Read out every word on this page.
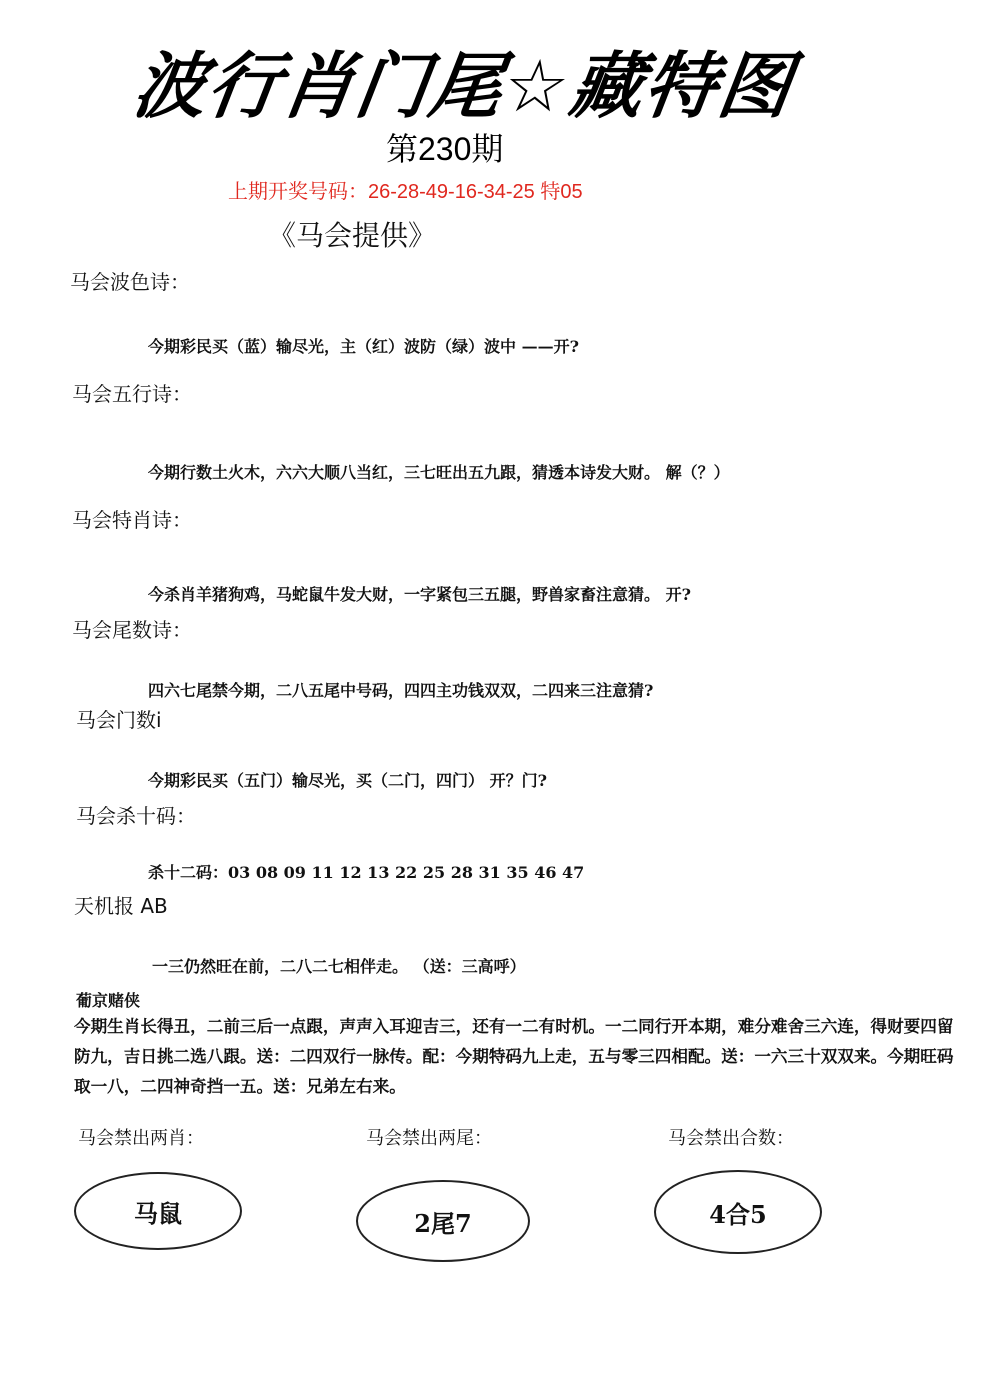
波行肖门尾☆藏特图
第230期
上期开奖号码：26-28-49-16-34-25 特05
《马会提供》
马会波色诗：
今期彩民买（蓝）输尽光，主（红）波防（绿）波中 ——开?
马会五行诗：
今期行数土火木，六六大顺八当红，三七旺出五九跟，猜透本诗发大财。 解（？）
马会特肖诗：
今杀肖羊猪狗鸡，马蛇鼠牛发大财，一字紧包三五腿，野兽家畜注意猜。 开?
马会尾数诗：
四六七尾禁今期，二八五尾中号码，四四主功钱双双，二四来三注意猜?
马会门数i
今期彩民买（五门）输尽光，买（二门，四门） 开？门?
马会杀十码：
杀十二码：03 08 09 11 12 13 22 25 28 31 35 46 47
天机报 AB
一三仍然旺在前，二八二七相伴走。 （送：三高呼）
葡京赌侠
今期生肖长得丑，二前三后一点跟，声声入耳迎吉三，还有一二有时机。一二同行开本期，难分难舍三六连，得财要四留防九，吉日挑二选八跟。送：二四双行一脉传。配：今期特码九上走，五与零三四相配。送：一六三十双双来。今期旺码取一八，二四神奇挡一五。送：兄弟左右来。
马会禁出两肖：	马会禁出两尾：	马会禁出合数：
马鼠	2尾7	4合5
